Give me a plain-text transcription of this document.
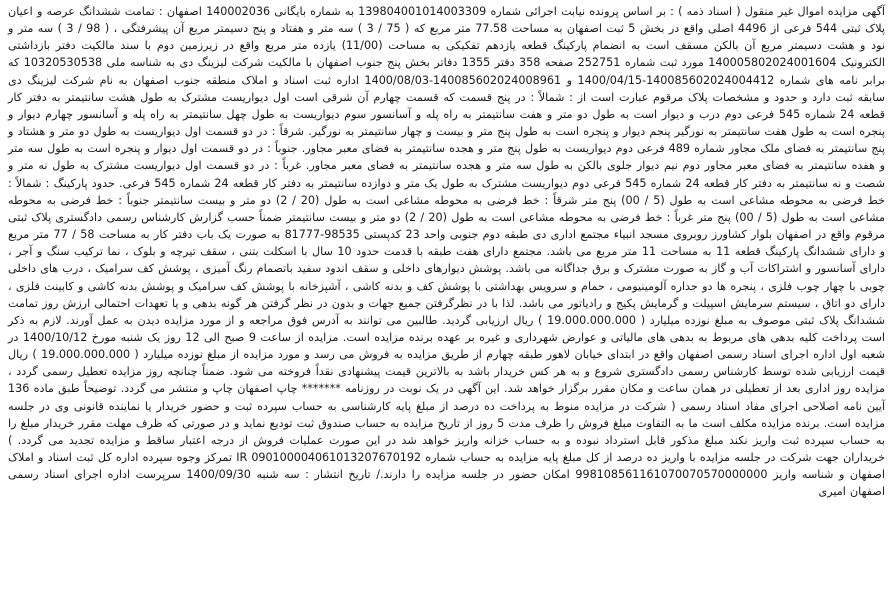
آگهی مزایده اموال غیر منقول ( اسناد ذمه ) : بر اساس پرونده نیابت اجرائی شماره 139804001014003309 به شماره بایگانی 140002036 اصفهان : تمامت ششدانگ عرصه و اعیان پلاک ثبتی 544 فرعی از 4496 اصلی واقع در بخش 5 ثبت اصفهان به مساحت 77.58 متر مربع که ( 75 / 3 ) سه متر و هفتاد و پنج دسیمتر مربع آن پیشرفتگی ، ( 98 / 3 ) سه متر و نود و هشت دسیمتر مربع آن بالکن مسقف است به انضمام پارکینگ قطعه یازدهم تفکیکی به مساحت (11/00) یازده متر مربع واقع در زیرزمین دوم با سند مالکیت دفتر بازداشتی الکترونیک 140005802024001604 مورد ثبت شماره 252751 صفحه 358 دفتر 1355 دفاتر بخش پنج جنوب اصفهان با مالکیت شرکت لیزینگ دی به شناسه ملی 10320530538 که برابر نامه های شماره 140085602024004412-1400/04/15 و 140085602024008961-1400/08/03 اداره ثبت اسناد و املاک منطقه جنوب اصفهان به نام شرکت لیزینگ دی سابقه ثبت دارد و حدود و مشخصات پلاک مرقوم عبارت است از : شمالاً : در پنج قسمت که قسمت چهارم آن شرقی است اول دیواریست مشترک به طول هشت سانتیمتر به دفتر کار قطعه 24 شماره 545 فرعی دوم درب و دیوار است به طول دو متر و هفت سانتیمتر به راه پله و آسانسور سوم دیواریست به طول چهل سانتیمتر به راه پله و آسانسور چهارم دیوار و پنجره است به طول هفت سانتیمتر به نورگیر پنجم دیوار و پنجره است به طول پنج متر و بیست و چهار سانتیمتر به نورگیر. شرقاً : در دو قسمت اول دیواریست به طول دو متر و هشتاد و پنج سانتیمتر به فضای ملک مجاور شماره 489 فرعی دوم دیواریست به طول پنج متر و هجده سانتیمتر به فضای معبر مجاور. جنوباً : در دو قسمت اول دیوار و پنجره است به طول سه متر و هفده سانتیمتر به فضای معبر مجاور دوم نیم دیوار جلوی بالکن به طول سه متر و هجده سانتیمتر به فضای معبر مجاور. غرباً : در دو قسمت اول دیواریست مشترک به طول نه متر و شصت و نه سانتیمتر به دفتر کار قطعه 24 شماره 545 فرعی دوم دیواریست مشترک به طول یک متر و دوازده سانتیمتر به دفتر کار قطعه 24 شماره 545 فرعی. حدود پارکینگ : شمالاً : خط فرضی به محوطه مشاعی است به طول (5 / 00) پنج متر شرقاً : خط فرضی به محوطه مشاعی است به طول (20 / 2) دو متر و بیست سانتیمتر جنوباً : خط فرضی به محوطه مشاعی است به طول (5 / 00) پنج متر غرباً : خط فرضی به محوطه مشاعی است به طول (20 / 2) دو متر و بیست سانتیمتر ضمناً حسب گزارش کارشناس رسمی دادگستری پلاک ثبتی مرقوم واقع در اصفهان بلوار کشاورز روبروی مسجد انبیاء مجتمع اداری دی طبقه دوم جنوبی واحد 23 کدپستی 98535-81777 به صورت یک باب دفتر کار به مساحت 58 / 77 متر مربع و دارای ششدانگ پارکینگ قطعه 11 به مساحت 11 متر مربع می باشد. مجتمع دارای هفت طبقه با قدمت حدود 10 سال با اسکلت بتنی ، سقف تیرچه و بلوک ، نما ترکیب سنگ و آجر ، دارای آسانسور و اشتراکات آب و گاز به صورت مشترک و برق جداگانه می باشد. پوشش دیوارهای داخلی و سقف اندود سفید باتصمام رنگ آمیزی ، پوشش کف سرامیک ، درب های داخلی چوبی با چهار چوب فلزی ، پنجره ها دو جداره آلومینیومی ، حمام و سرویس بهداشتی با پوشش کف و بدنه کاشی ، آشپزخانه با پوشش کف سرامیک و پوشش بدنه کاشی و کابینت فلزی ، دارای دو اتاق ، سیستم سرمایش اسپیلت و گرمایش پکیج و رادیاتور می باشد. لذا با در نظرگرفتن جمیع جهات و بدون در نظر گرفتن هر گونه بدهی و یا تعهدات احتمالی ارزش روز تمامت ششدانگ پلاک ثبتی موصوف به مبلغ نوزده میلیارد ( 19.000.000.000 ) ریال ارزیابی گردید. طالبین می توانند به آدرس فوق مراجعه و از مورد مزایده دیدن به عمل آورند. لازم به ذکر است پرداخت کلیه بدهی های مربوط به بدهی های مالیاتی و عوارض شهرداری و غیره بر عهده برنده مزایده است. مزایده از ساعت 9 صبح الی 12 روز یک شنبه مورخ 1400/10/12 در شعبه اول اداره اجرای اسناد رسمی اصفهان واقع در ابتدای خیابان لاهور طبقه چهارم از طریق مزایده به فروش می رسد و مورد مزایده از مبلغ نوزده میلیارد ( 19.000.000.000 ) ریال قیمت ارزیابی شده توسط کارشناس رسمی دادگستری شروع و به هر کس خریدار باشد به بالاترین قیمت پیشنهادی نقداً فروخته می شود. ضمناً چنانچه روز مزایده تعطیل رسمی گردد ، مزایده روز اداری بعد از تعطیلی در همان ساعت و مکان مقرر برگزار خواهد شد. این آگهی در یک نوبت در روزنامه ******* چاپ اصفهان چاپ و منتشر می گردد. توضیحاً طبق ماده 136 آیین نامه اصلاحی اجرای مفاد اسناد رسمی ( شرکت در مزایده منوط به پرداخت ده درصد از مبلغ پایه کارشناسی به حساب سپرده ثبت و حضور خریدار یا نماینده قانونی وی در جلسه مزایده است. برنده مزایده مکلف است ما به التفاوت مبلغ فروش را ظرف مدت 5 روز از تاریخ مزایده به حساب صندوق ثبت تودیع نماید و در صورتی که ظرف مهلت مقرر خریدار مبلغ را به حساب سپرده ثبت واریز نکند مبلغ مذکور قابل استرداد نبوده و به حساب خزانه واریز خواهد شد در این صورت عملیات فروش از درجه اعتبار ساقط و مزایده تجدید می گردد. ) خریداران جهت شرکت در جلسه مزایده با واریز ده درصد از کل مبلغ پایه مزایده به حساب شماره IR 090100004061013207670192 تمرکز وجوه سپرده اداره کل ثبت اسناد و املاک اصفهان و شناسه واریز 998108561161070070570000000 امکان حضور در جلسه مزایده را دارند./ تاریخ انتشار : سه شنبه 1400/09/30 سرپرست اداره اجرای اسناد رسمی اصفهان امیری
